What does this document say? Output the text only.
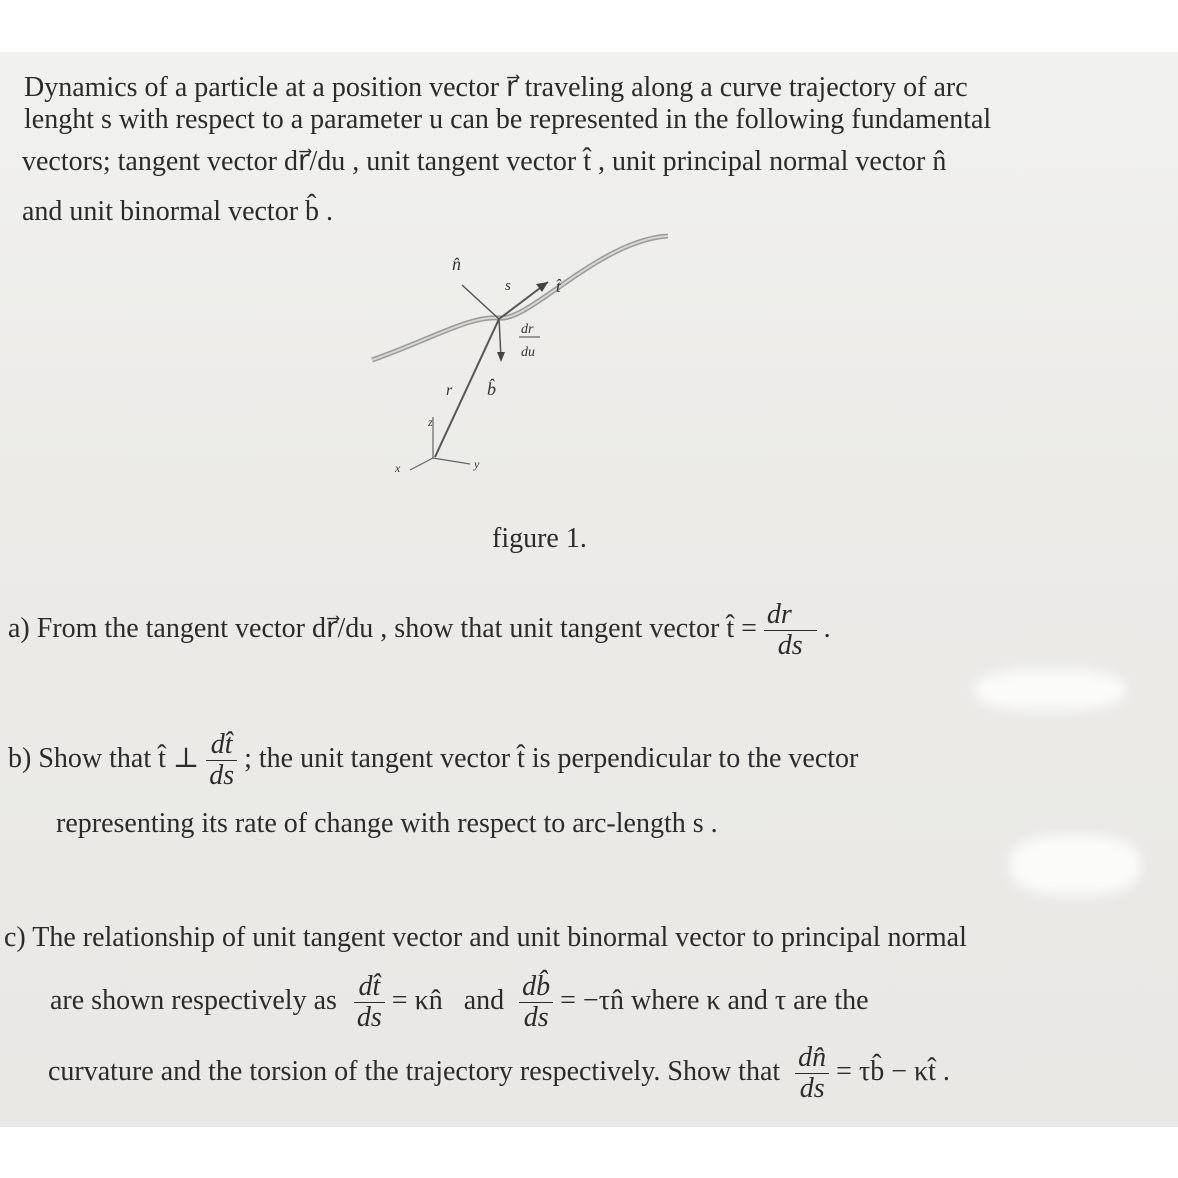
Dynamics of a particle at a position vector r⃗ traveling along a curve trajectory of arc
lenght s with respect to a parameter u can be represented in the following fundamental
vectors; tangent vector dr⃗/du , unit tangent vector t̂ , unit principal normal vector n̂
and unit binormal vector b̂ .
n̂
s	t̂
dr⃗
du
r⃗ b̂
z
x	y
figure 1.
a) From the tangent vector dr⃗/du , show that unit tangent vector t̂ = $\frac{dr⃗}{ds}$ .
b) Show that t̂ ⊥ $\frac{dt̂}{ds}$ ; the unit tangent vector t̂ is perpendicular to the vector
representing its rate of change with respect to arc-length s .
c) The relationship of unit tangent vector and unit binormal vector to principal normal
are shown respectively as $\frac{dt̂}{ds}$ = κn̂ and $\frac{db̂}{ds}$ = −τn̂ where κ and τ are the
curvature and the torsion of the trajectory respectively. Show that $\frac{dn̂}{ds}$ = τb̂ − κt̂ .
